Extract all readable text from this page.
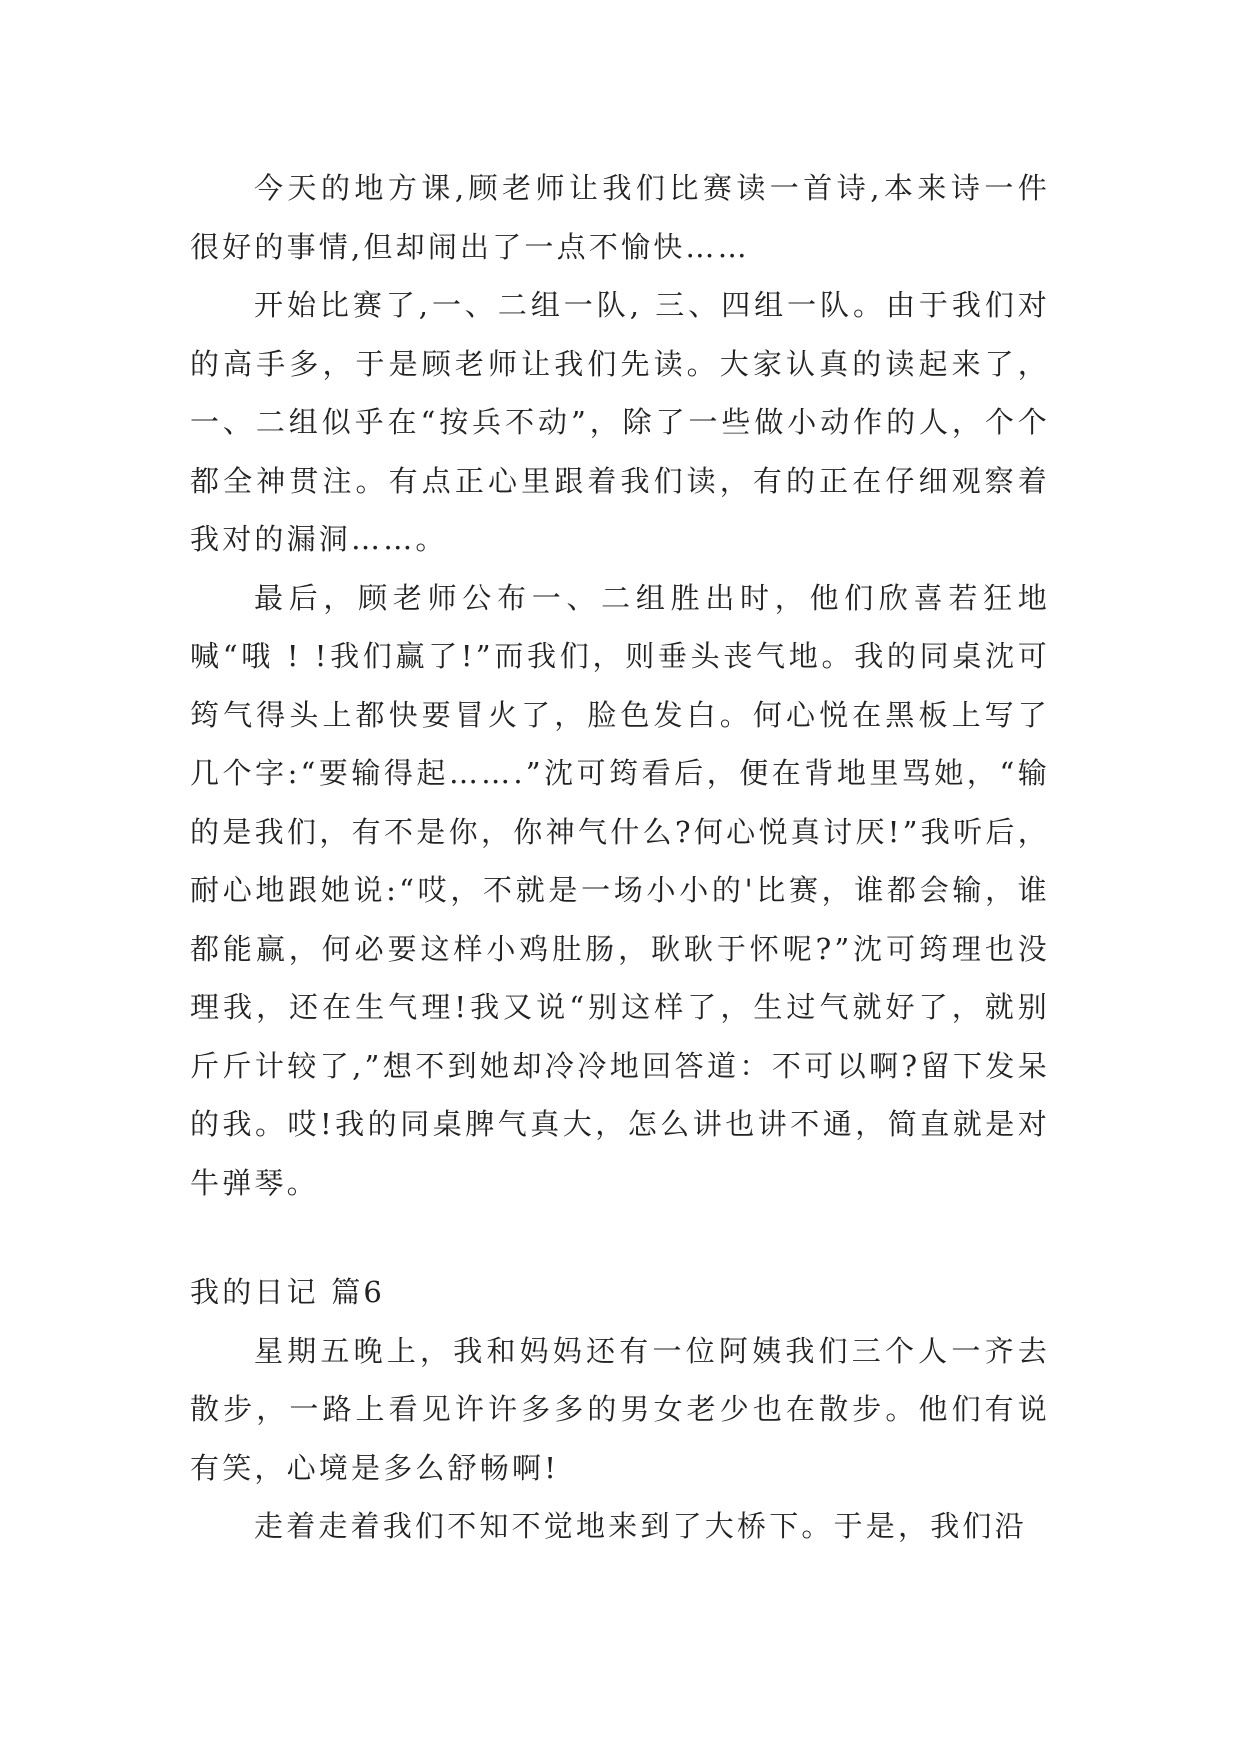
今天的地方课,顾老师让我们比赛读一首诗,本来诗一件很好的事情,但却闹出了一点不愉快……

开始比赛了,一、二组一队, 三、四组一队。由于我们对的高手多，于是顾老师让我们先读。大家认真的读起来了，一、二组似乎在“按兵不动”，除了一些做小动作的人，个个都全神贯注。有点正心里跟着我们读，有的正在仔细观察着我对的漏洞……。

最后，顾老师公布一、二组胜出时，他们欣喜若狂地喊“哦 ! !我们赢了!”而我们，则垂头丧气地。我的同桌沈可筠气得头上都快要冒火了，脸色发白。何心悦在黑板上写了几个字:“要输得起…….”沈可筠看后，便在背地里骂她，“输的是我们，有不是你，你神气什么?何心悦真讨厌!”我听后，耐心地跟她说:“哎，不就是一场小小的'比赛，谁都会输，谁都能赢，何必要这样小鸡肚肠，耿耿于怀呢?”沈可筠理也没理我，还在生气理!我又说“别这样了，生过气就好了，就别斤斤计较了,”想不到她却冷冷地回答道：不可以啊?留下发呆的我。哎!我的同桌脾气真大，怎么讲也讲不通，简直就是对牛弹琴。

我的日记 篇6

星期五晚上，我和妈妈还有一位阿姨我们三个人一齐去散步，一路上看见许许多多的男女老少也在散步。他们有说有笑，心境是多么舒畅啊!

走着走着我们不知不觉地来到了大桥下。于是，我们沿
